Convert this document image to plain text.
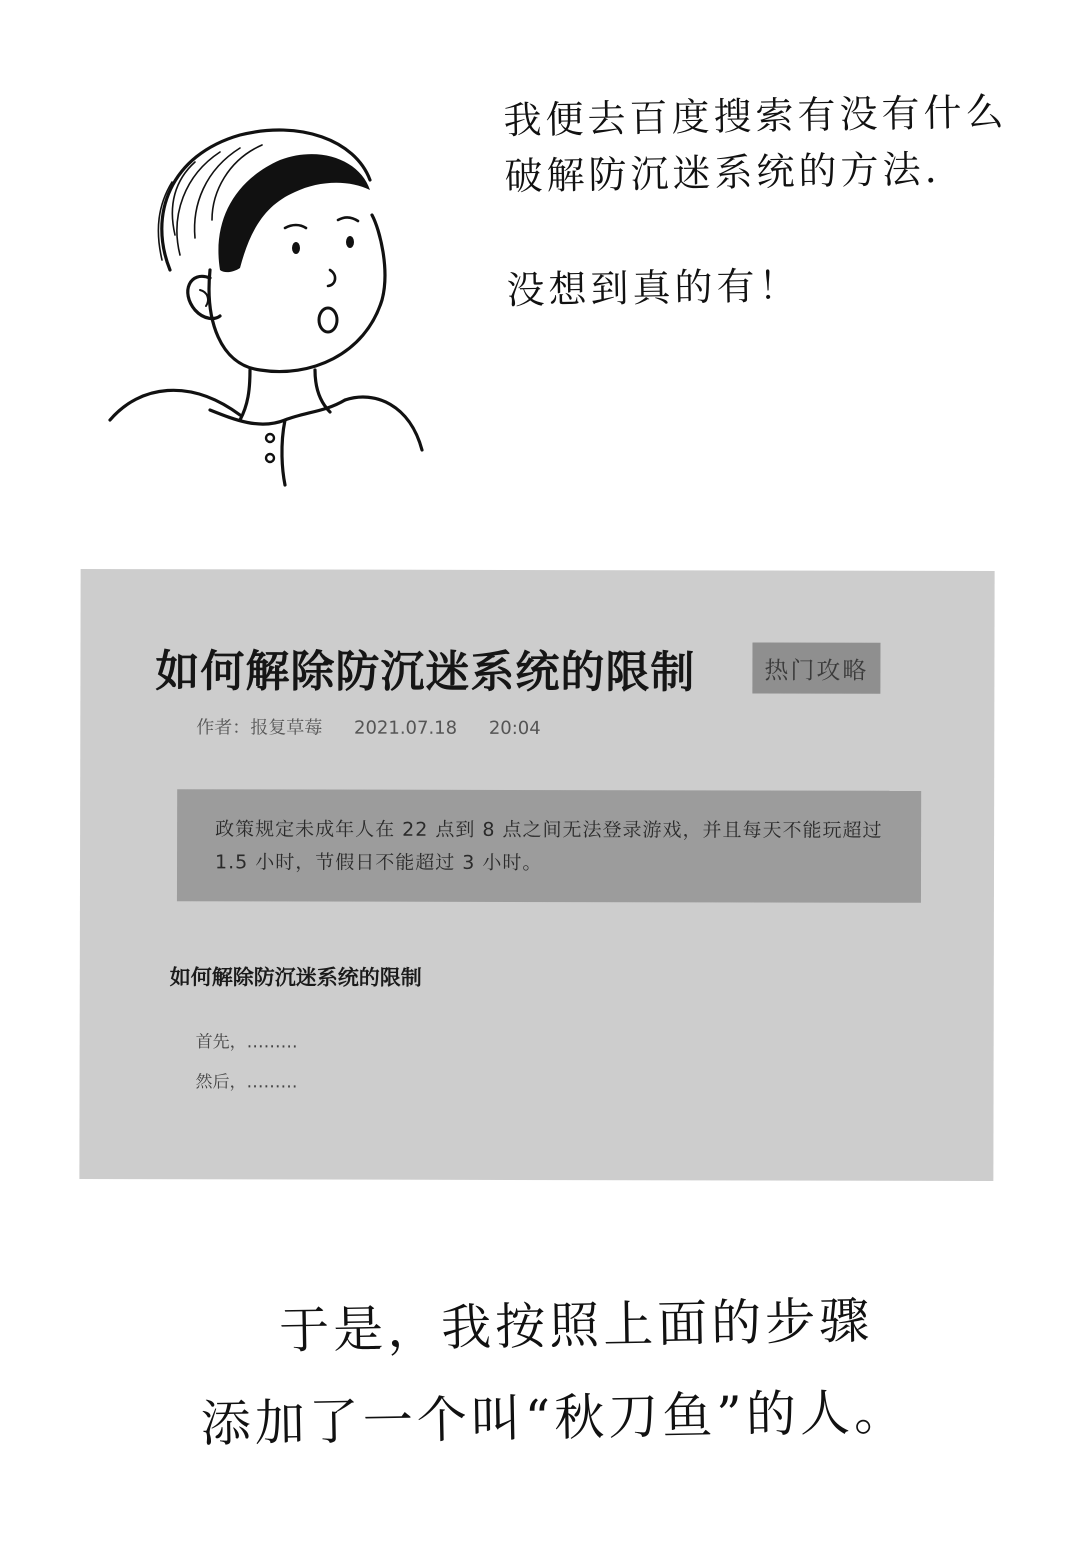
我便去百度搜索有没有什么
破解防沉迷系统的方法.
没想到真的有！
如何解除防沉迷系统的限制	热门攻略
作者：报复草莓 2021.07.18 20:04
政策规定未成年人在 22 点到 8 点之间无法登录游戏，并且每天不能玩超过 1.5 小时，节假日不能超过 3 小时。
如何解除防沉迷系统的限制
首先，………
然后，………
于是，我按照上面的步骤
添加了一个叫“秋刀鱼”的人。
